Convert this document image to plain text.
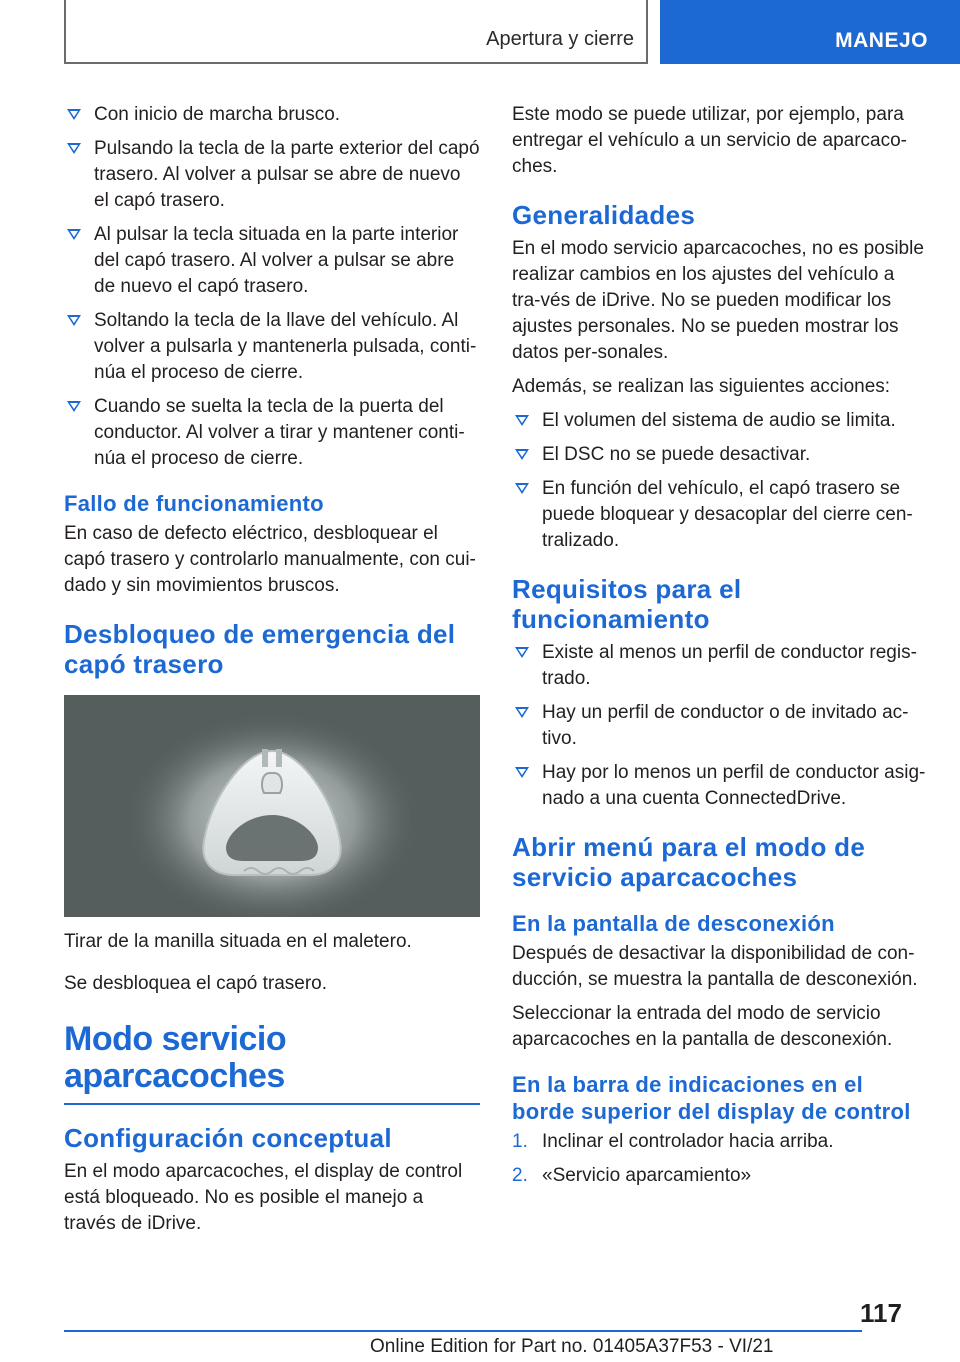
Apertura y cierre	MANEJO
Con inicio de marcha brusco.
Pulsando la tecla de la parte exterior del capó trasero. Al volver a pulsar se abre de nuevo el capó trasero.
Al pulsar la tecla situada en la parte interior del capó trasero. Al volver a pulsar se abre de nuevo el capó trasero.
Soltando la tecla de la llave del vehículo. Al volver a pulsarla y mantenerla pulsada, conti‐núa el proceso de cierre.
Cuando se suelta la tecla de la puerta del conductor. Al volver a tirar y mantener conti‐núa el proceso de cierre.
Fallo de funcionamiento

En caso de defecto eléctrico, desbloquear el capó trasero y controlarlo manualmente, con cui‐dado y sin movimientos bruscos.

Desbloqueo de emergencia del capó trasero

Tirar de la manilla situada en el maletero.

Se desbloquea el capó trasero.

Modo servicio aparcacoches
Configuración conceptual

En el modo aparcacoches, el display de control está bloqueado. No es posible el manejo a través de iDrive.

Este modo se puede utilizar, por ejemplo, para entregar el vehículo a un servicio de aparcaco‐ches.

Generalidades

En el modo servicio aparcacoches, no es posible realizar cambios en los ajustes del vehículo a tra‐vés de iDrive. No se pueden modificar los ajustes personales. No se pueden mostrar los datos per‐sonales.

Además, se realizan las siguientes acciones:

El volumen del sistema de audio se limita.
El DSC no se puede desactivar.
En función del vehículo, el capó trasero se puede bloquear y desacoplar del cierre cen‐tralizado.
Requisitos para el funcionamiento
Existe al menos un perfil de conductor regis‐trado.
Hay un perfil de conductor o de invitado ac‐tivo.
Hay por lo menos un perfil de conductor asig‐nado a una cuenta ConnectedDrive.
Abrir menú para el modo de servicio aparcacoches
En la pantalla de desconexión

Después de desactivar la disponibilidad de con‐ducción, se muestra la pantalla de desconexión.

Seleccionar la entrada del modo de servicio aparcacoches en la pantalla de desconexión.

En la barra de indicaciones en el borde superior del display de control
1. Inclinar el controlador hacia arriba.
2. «Servicio aparcamiento»
117
Online Edition for Part no. 01405A37F53 - VI/21
